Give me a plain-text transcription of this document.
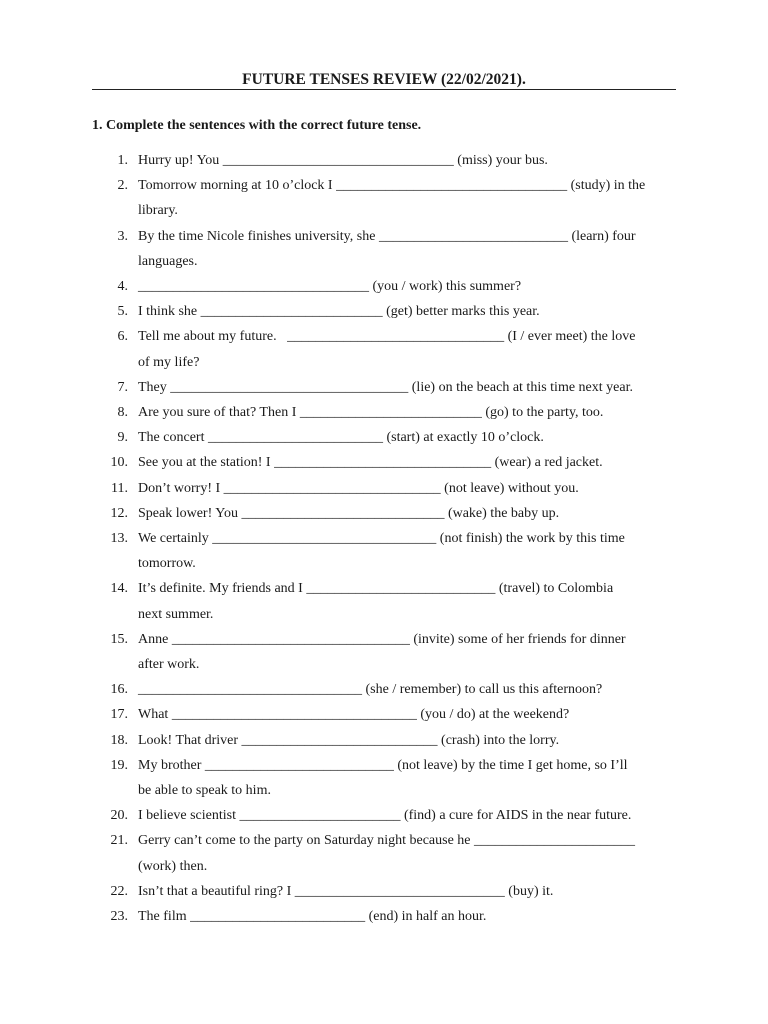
FUTURE TENSES REVIEW (22/02/2021).
1. Complete the sentences with the correct future tense.
1. Hurry up! You _________________________________ (miss) your bus.
2. Tomorrow morning at 10 o’clock I _________________________________ (study) in the
library.
3. By the time Nicole finishes university, she ___________________________ (learn) four
languages.
4. _________________________________ (you / work) this summer?
5. I think she __________________________ (get) better marks this year.
6. Tell me about my future.   _______________________________ (I / ever meet) the love
of my life?
7. They __________________________________ (lie) on the beach at this time next year.
8. Are you sure of that? Then I __________________________ (go) to the party, too.
9. The concert _________________________ (start) at exactly 10 o’clock.
10. See you at the station! I _______________________________ (wear) a red jacket.
11. Don’t worry! I _______________________________ (not leave) without you.
12. Speak lower! You _____________________________ (wake) the baby up.
13. We certainly ________________________________ (not finish) the work by this time
tomorrow.
14. It’s definite. My friends and I ___________________________ (travel) to Colombia
next summer.
15. Anne __________________________________ (invite) some of her friends for dinner
after work.
16. ________________________________ (she / remember) to call us this afternoon?
17. What ___________________________________ (you / do) at the weekend?
18. Look! That driver ____________________________ (crash) into the lorry.
19. My brother ___________________________ (not leave) by the time I get home, so I’ll
be able to speak to him.
20. I believe scientist _______________________ (find) a cure for AIDS in the near future.
21. Gerry can’t come to the party on Saturday night because he _______________________
(work) then.
22. Isn’t that a beautiful ring? I ______________________________ (buy) it.
23. The film _________________________ (end) in half an hour.
